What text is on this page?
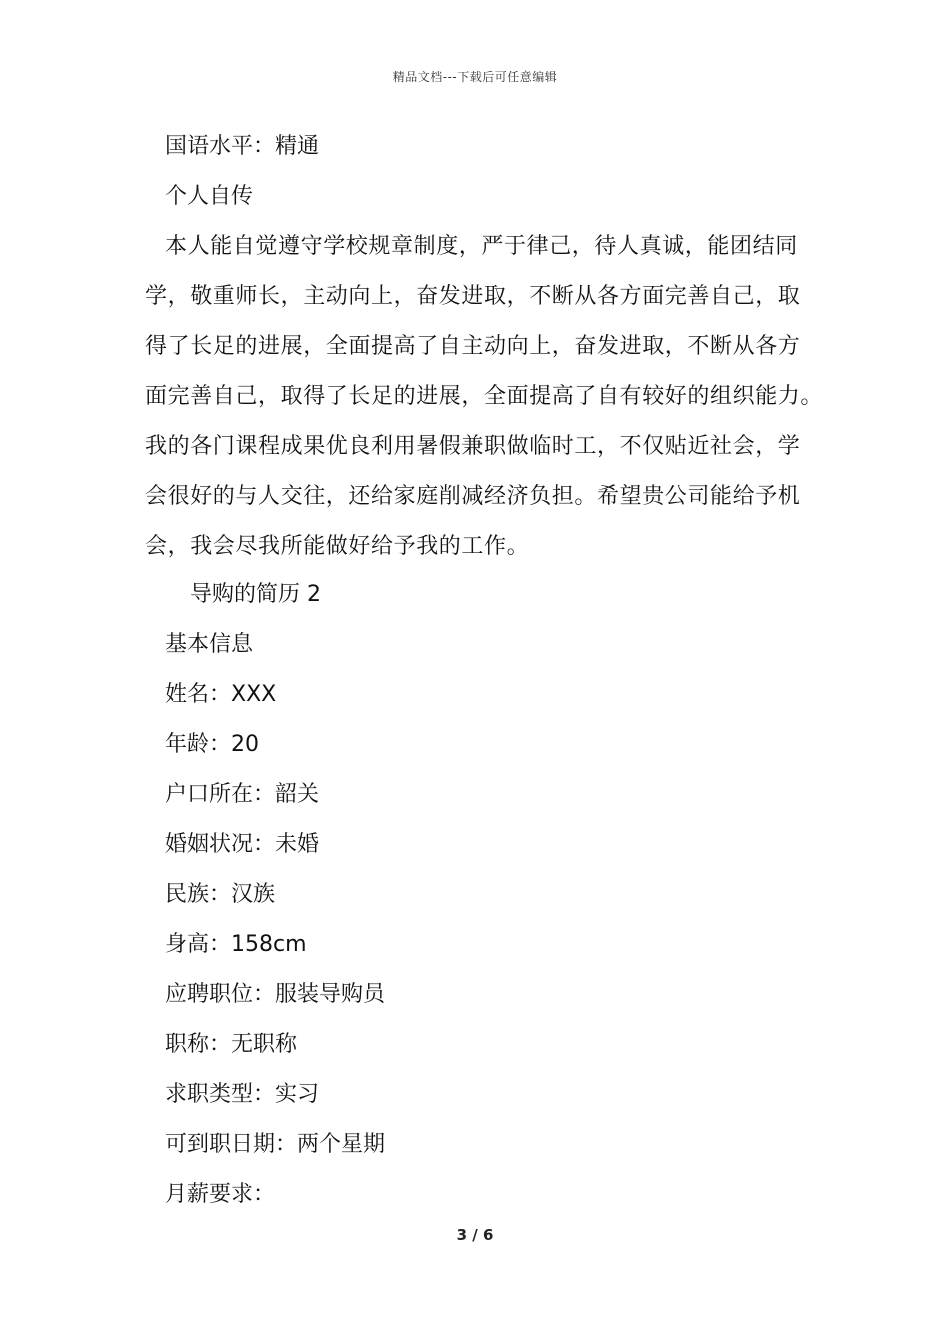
精品文档---下载后可任意编辑
国语水平：精通
个人自传
本人能自觉遵守学校规章制度，严于律己，待人真诚，能团结同
学，敬重师长，主动向上，奋发进取，不断从各方面完善自己，取
得了长足的进展，全面提高了自主动向上，奋发进取，不断从各方
面完善自己，取得了长足的进展，全面提高了自有较好的组织能力。
我的各门课程成果优良利用暑假兼职做临时工，不仅贴近社会，学
会很好的与人交往，还给家庭削减经济负担。希望贵公司能给予机
会，我会尽我所能做好给予我的工作。
导购的简历 2
基本信息
姓名：XXX
年龄：20
户口所在：韶关
婚姻状况：未婚
民族：汉族
身高：158cm
应聘职位：服装导购员
职称：无职称
求职类型：实习
可到职日期：两个星期
月薪要求：
3 / 6
